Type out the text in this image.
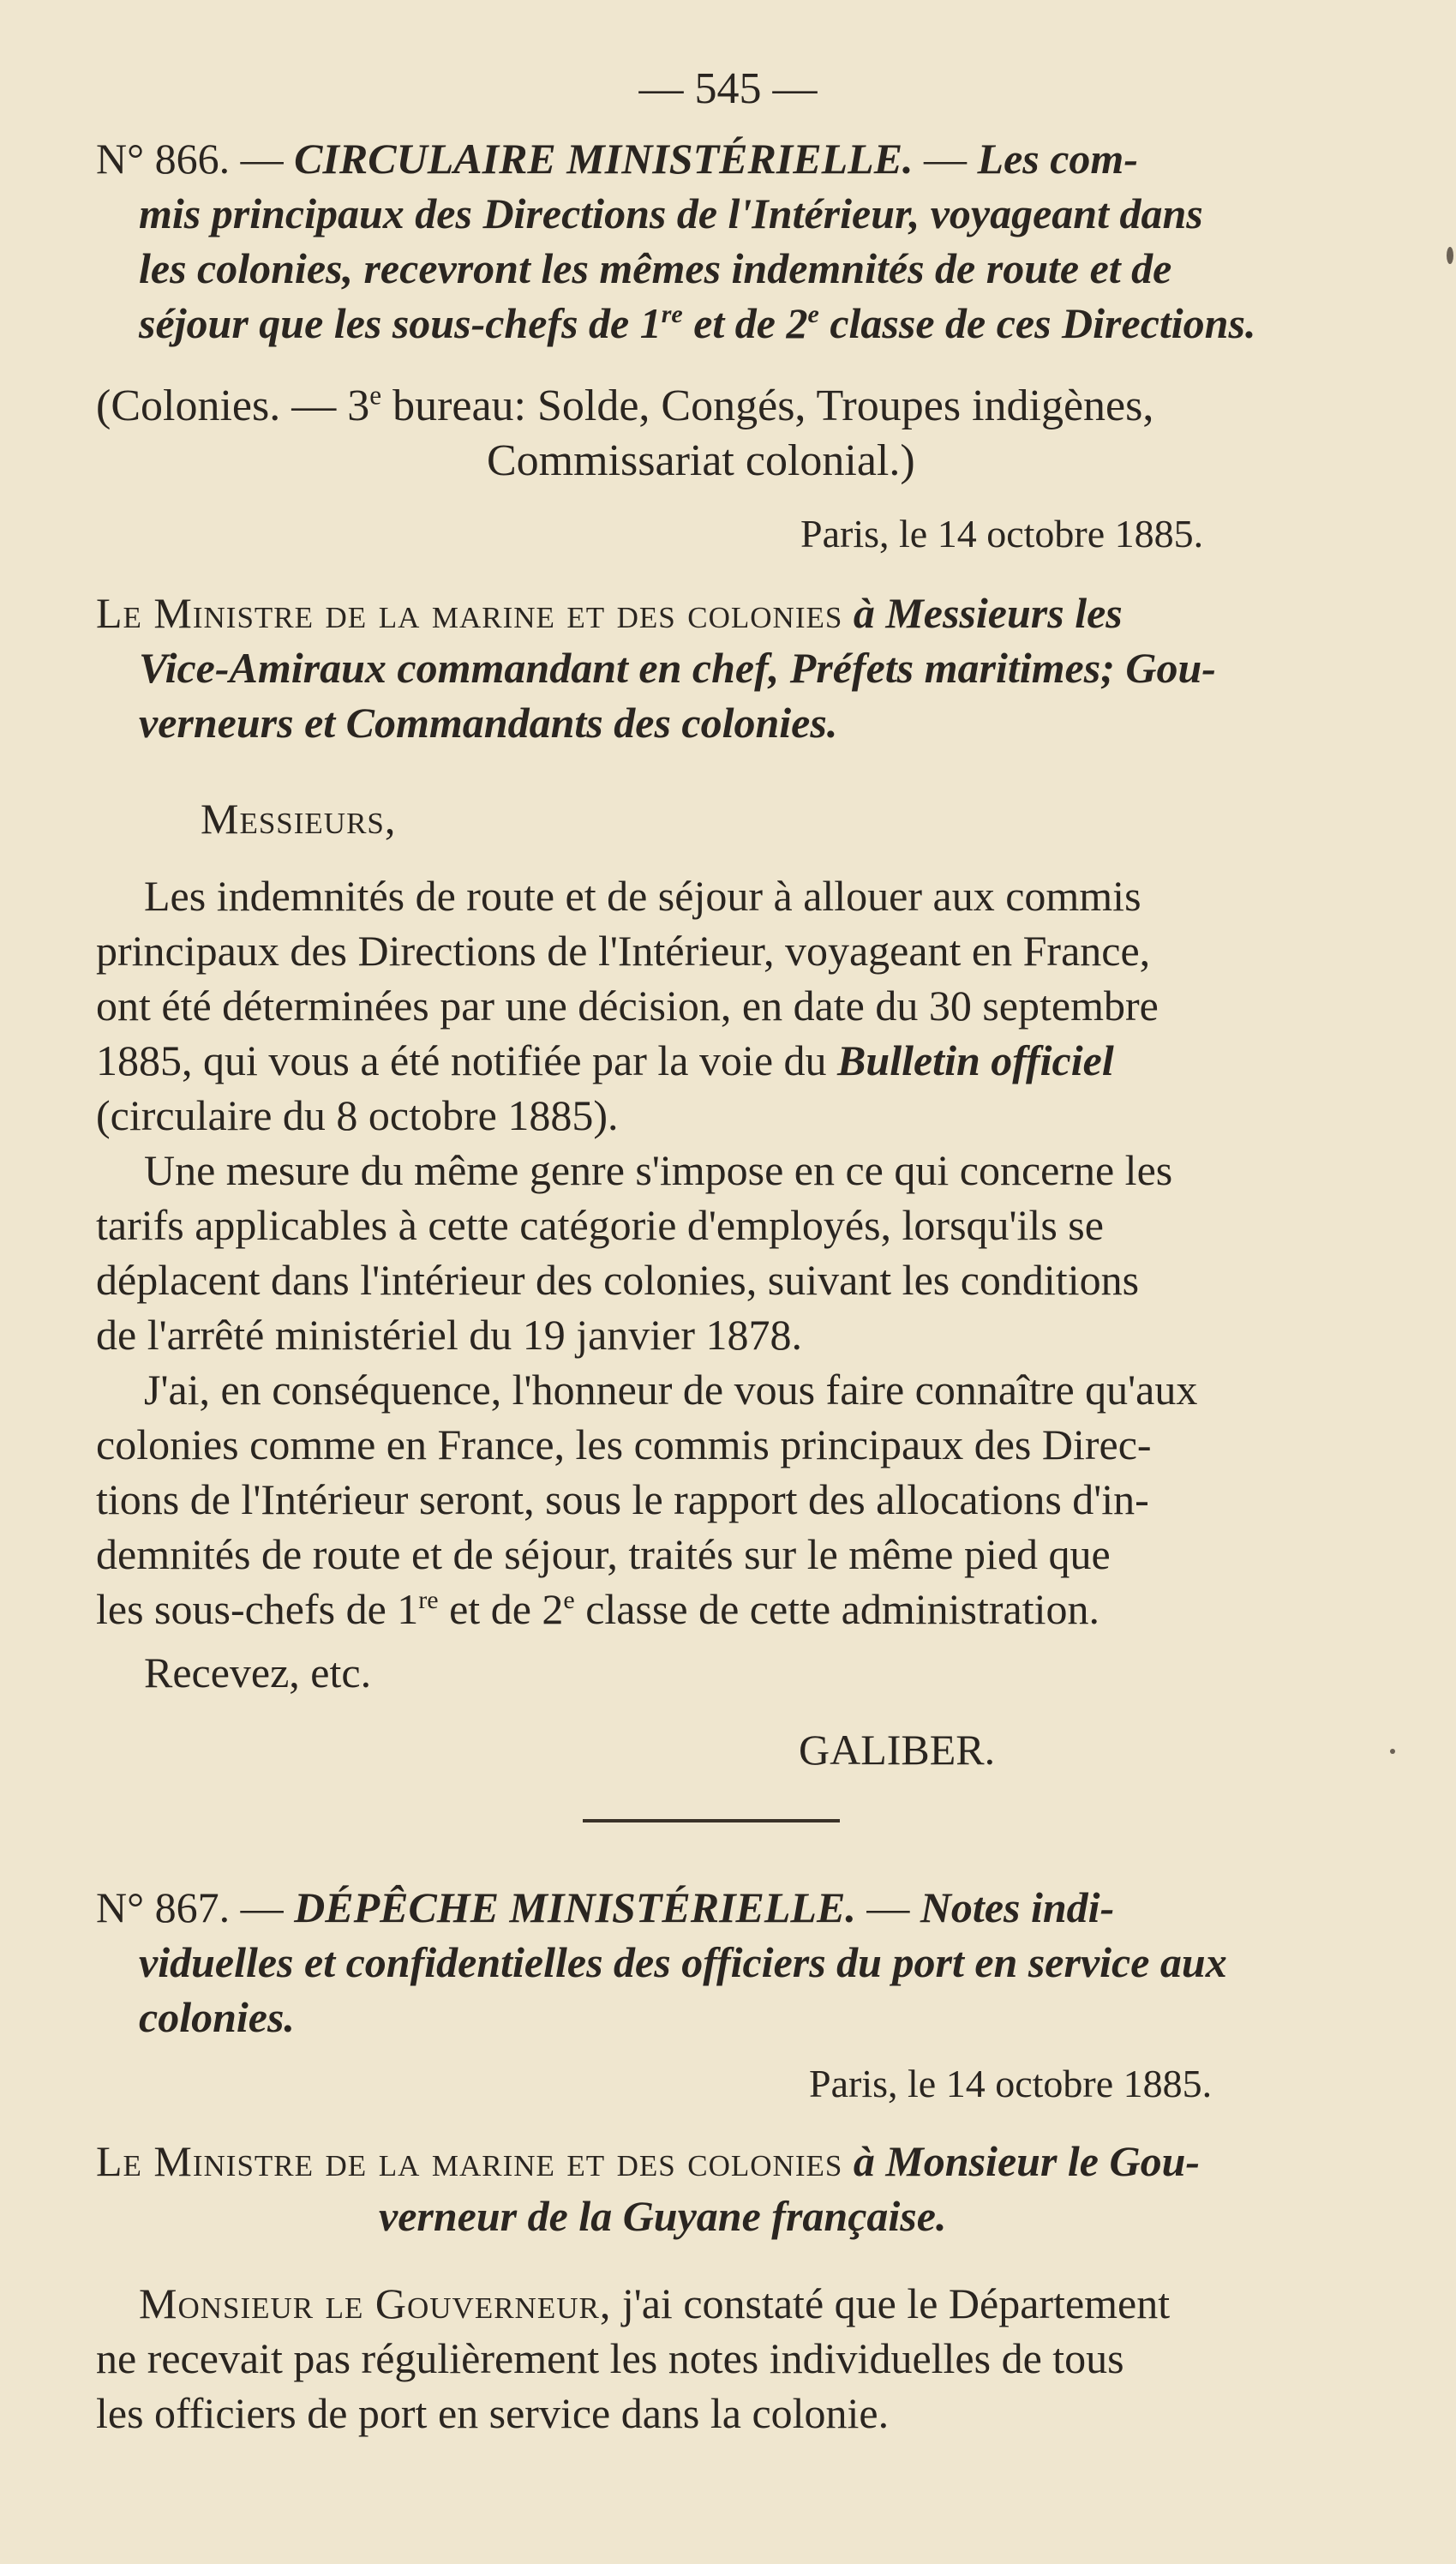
— 545 —
N° 866. — CIRCULAIRE MINISTÉRIELLE. — Les com-
mis principaux des Directions de l'Intérieur, voyageant dans
les colonies, recevront les mêmes indemnités de route et de
séjour que les sous-chefs de 1re et de 2e classe de ces Directions.
(Colonies. — 3e bureau: Solde, Congés, Troupes indigènes,
Commissariat colonial.)
Paris, le 14 octobre 1885.
Le Ministre de la marine et des colonies à Messieurs les
Vice-Amiraux commandant en chef, Préfets maritimes; Gou-
verneurs et Commandants des colonies.
Messieurs,
Les indemnités de route et de séjour à allouer aux commis
principaux des Directions de l'Intérieur, voyageant en France,
ont été déterminées par une décision, en date du 30 septembre
1885, qui vous a été notifiée par la voie du Bulletin officiel
(circulaire du 8 octobre 1885).
Une mesure du même genre s'impose en ce qui concerne les
tarifs applicables à cette catégorie d'employés, lorsqu'ils se
déplacent dans l'intérieur des colonies, suivant les conditions
de l'arrêté ministériel du 19 janvier 1878.
J'ai, en conséquence, l'honneur de vous faire connaître qu'aux
colonies comme en France, les commis principaux des Direc-
tions de l'Intérieur seront, sous le rapport des allocations d'in-
demnités de route et de séjour, traités sur le même pied que
les sous-chefs de 1re et de 2e classe de cette administration.
Recevez, etc.
GALIBER.
N° 867. — DÉPÊCHE MINISTÉRIELLE. — Notes indi-
viduelles et confidentielles des officiers du port en service aux
colonies.
Paris, le 14 octobre 1885.
Le Ministre de la marine et des colonies à Monsieur le Gou-
verneur de la Guyane française.
Monsieur le Gouverneur, j'ai constaté que le Département
ne recevait pas régulièrement les notes individuelles de tous
les officiers de port en service dans la colonie.
